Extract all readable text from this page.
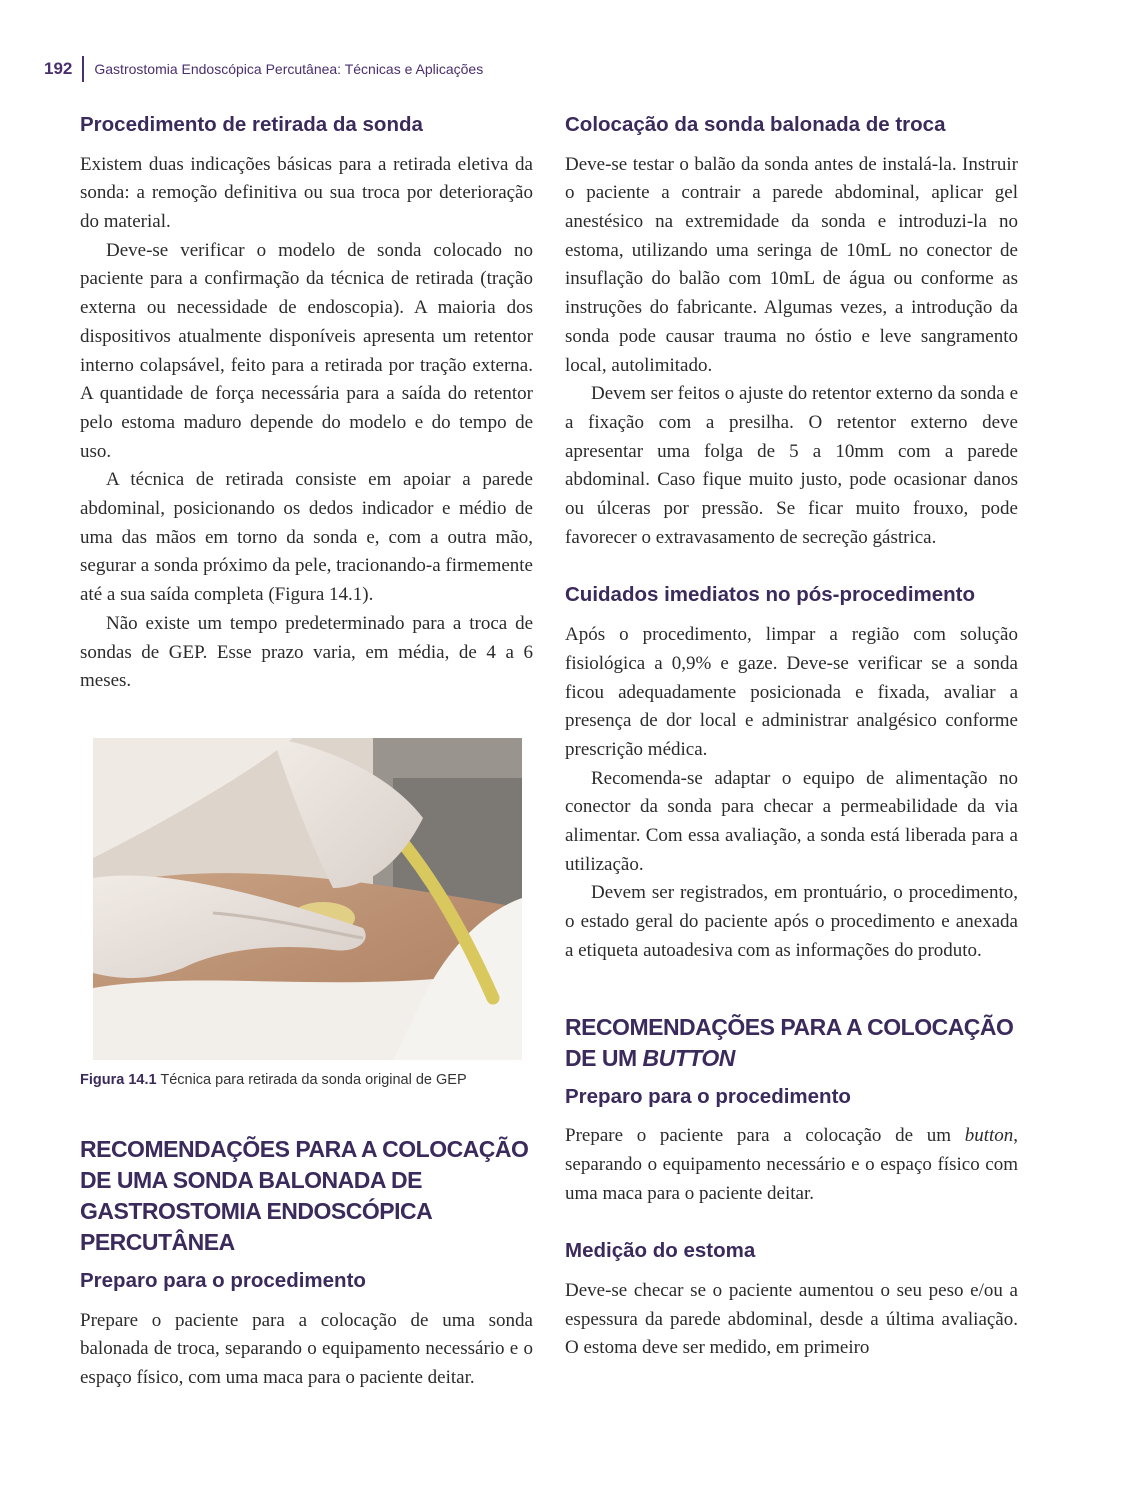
192 Gastrostomia Endoscópica Percutânea: Técnicas e Aplicações
Procedimento de retirada da sonda

Existem duas indicações básicas para a retirada eletiva da sonda: a remoção definitiva ou sua troca por deterioração do material.

Deve-se verificar o modelo de sonda colocado no paciente para a confirmação da técnica de retirada (tração externa ou necessidade de endoscopia). A maioria dos dispositivos atualmente disponíveis apresenta um retentor interno colapsável, feito para a retirada por tração externa. A quantidade de força necessária para a saída do retentor pelo estoma maduro depende do modelo e do tempo de uso.

A técnica de retirada consiste em apoiar a parede abdominal, posicionando os dedos indicador e médio de uma das mãos em torno da sonda e, com a outra mão, segurar a sonda próximo da pele, tracionando-a firmemente até a sua saída completa (Figura 14.1).

Não existe um tempo predeterminado para a troca de sondas de GEP. Esse prazo varia, em média, de 4 a 6 meses.

Figura 14.1 Técnica para retirada da sonda original de GEP

RECOMENDAÇÕES PARA A COLOCAÇÃO DE UMA SONDA BALONADA DE GASTROSTOMIA ENDOSCÓPICA PERCUTÂNEA
Preparo para o procedimento

Prepare o paciente para a colocação de uma sonda balonada de troca, separando o equipamento necessário e o espaço físico, com uma maca para o paciente deitar.

Colocação da sonda balonada de troca

Deve-se testar o balão da sonda antes de instalá-la. Instruir o paciente a contrair a parede abdominal, aplicar gel anestésico na extremidade da sonda e introduzi-la no estoma, utilizando uma seringa de 10mL no conector de insuflação do balão com 10mL de água ou conforme as instruções do fabricante. Algumas vezes, a introdução da sonda pode causar trauma no óstio e leve sangramento local, autolimitado.

Devem ser feitos o ajuste do retentor externo da sonda e a fixação com a presilha. O retentor externo deve apresentar uma folga de 5 a 10mm com a parede abdominal. Caso fique muito justo, pode ocasionar danos ou úlceras por pressão. Se ficar muito frouxo, pode favorecer o extravasamento de secreção gástrica.

Cuidados imediatos no pós-procedimento

Após o procedimento, limpar a região com solução fisiológica a 0,9% e gaze. Deve-se verificar se a sonda ficou adequadamente posicionada e fixada, avaliar a presença de dor local e administrar analgésico conforme prescrição médica.

Recomenda-se adaptar o equipo de alimentação no conector da sonda para checar a permeabilidade da via alimentar. Com essa avaliação, a sonda está liberada para a utilização.

Devem ser registrados, em prontuário, o procedimento, o estado geral do paciente após o procedimento e anexada a etiqueta autoadesiva com as informações do produto.

RECOMENDAÇÕES PARA A COLOCAÇÃO DE UM BUTTON
Preparo para o procedimento

Prepare o paciente para a colocação de um button, separando o equipamento necessário e o espaço físico com uma maca para o paciente deitar.

Medição do estoma

Deve-se checar se o paciente aumentou o seu peso e/ou a espessura da parede abdominal, desde a última avaliação. O estoma deve ser medido, em primeiro
